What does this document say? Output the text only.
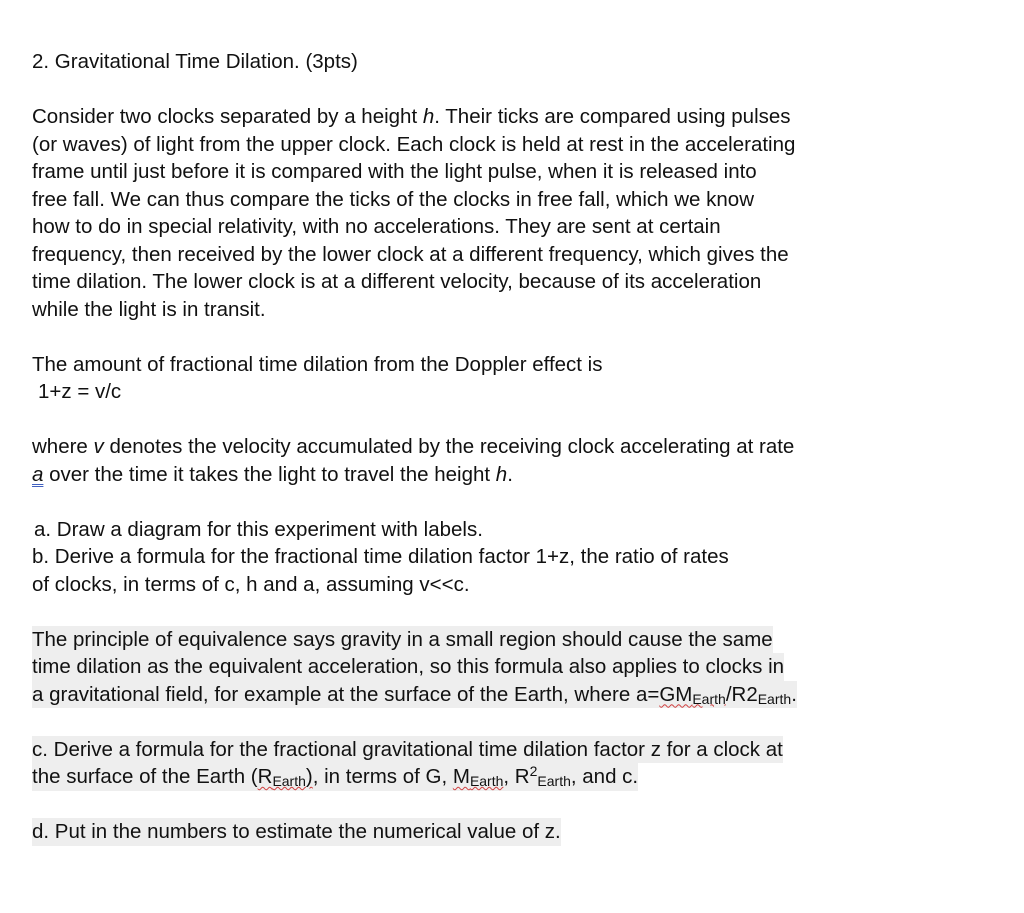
2. Gravitational Time Dilation. (3pts)
Consider two clocks separated by a height h. Their ticks are compared using pulses
(or waves) of light from the upper clock. Each clock is held at rest in the accelerating
frame until just before it is compared with the light pulse, when it is released into
free fall. We can thus compare the ticks of the clocks in free fall, which we know
how to do in special relativity, with no accelerations. They are sent at certain
frequency, then received by the lower clock at a different frequency, which gives the
time dilation. The lower clock is at a different velocity, because of its acceleration
while the light is in transit.
The amount of fractional time dilation from the Doppler effect is
1+z = v/c
where v denotes the velocity accumulated by the receiving clock accelerating at rate
a over the time it takes the light to travel the height h.
a. Draw a diagram for this experiment with labels.
b. Derive a formula for the fractional time dilation factor 1+z, the ratio of rates
of clocks, in terms of c, h and a, assuming v<<c.
The principle of equivalence says gravity in a small region should cause the same
time dilation as the equivalent acceleration, so this formula also applies to clocks in
a gravitational field, for example at the surface of the Earth, where $a=GM_{Earth}/R2_{Earth}$.
c. Derive a formula for the fractional gravitational time dilation factor z for a clock at
the surface of the Earth $(R_{Earth})$, in terms of G, $M_{Earth}$, $R^2_{Earth}$, and c.
d. Put in the numbers to estimate the numerical value of z.
